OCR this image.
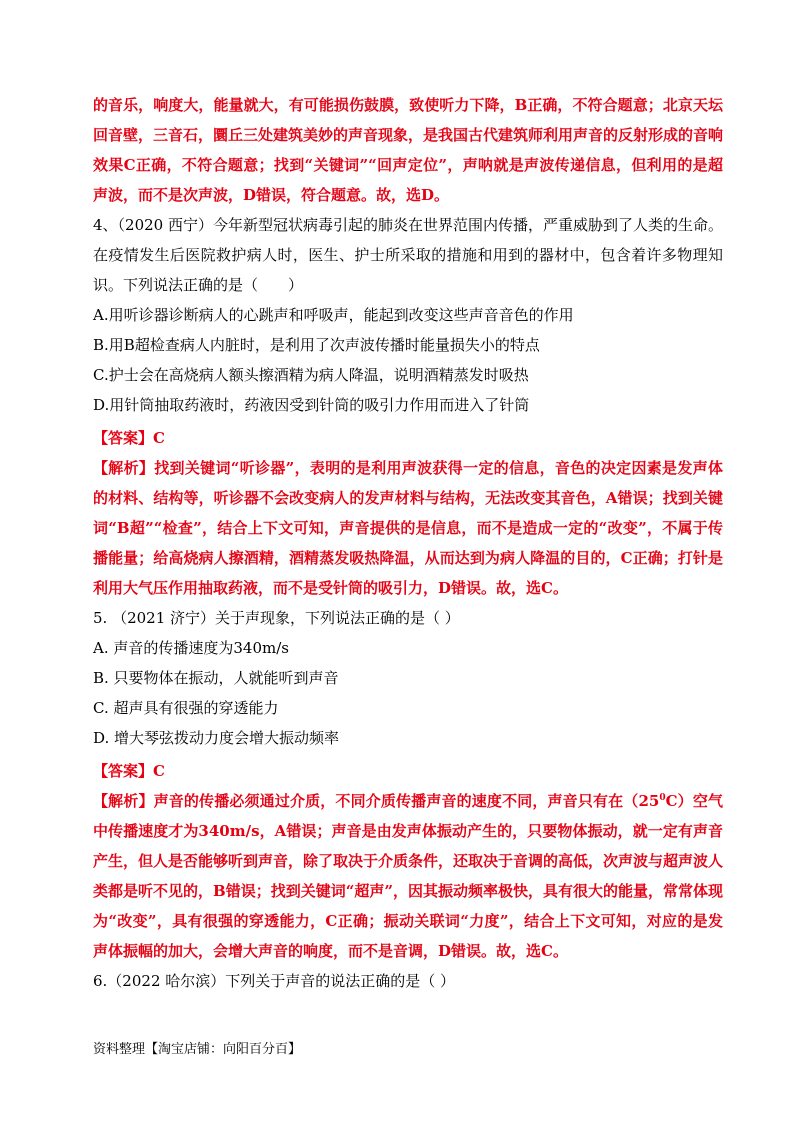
的音乐，响度大，能量就大，有可能损伤鼓膜，致使听力下降，B正确，不符合题意；北京天坛回音壁，三音石，圜丘三处建筑美妙的声音现象，是我国古代建筑师利用声音的反射形成的音响效果C正确，不符合题意；找到“关键词”“回声定位”，声呐就是声波传递信息，但利用的是超声波，而不是次声波，D错误，符合题意。故，选D。

4、（2020 西宁）今年新型冠状病毒引起的肺炎在世界范围内传播，严重威胁到了人类的生命。在疫情发生后医院救护病人时，医生、护士所采取的措施和用到的器材中，包含着许多物理知识。下列说法正确的是（　　）

A.用听诊器诊断病人的心跳声和呼吸声，能起到改变这些声音音色的作用

B.用B超检查病人内脏时，是利用了次声波传播时能量损失小的特点

C.护士会在高烧病人额头擦酒精为病人降温，说明酒精蒸发时吸热

D.用针筒抽取药液时，药液因受到针筒的吸引力作用而进入了针筒

【答案】C

【解析】找到关键词“听诊器”，表明的是利用声波获得一定的信息，音色的决定因素是发声体的材料、结构等，听诊器不会改变病人的发声材料与结构，无法改变其音色，A错误；找到关键词“B超”“检查”，结合上下文可知，声音提供的是信息，而不是造成一定的“改变”，不属于传播能量；给高烧病人擦酒精，酒精蒸发吸热降温，从而达到为病人降温的目的，C正确；打针是利用大气压作用抽取药液，而不是受针筒的吸引力，D错误。故，选C。

5. （2021 济宁）关于声现象，下列说法正确的是（ ）

A. 声音的传播速度为340m/s

B. 只要物体在振动，人就能听到声音

C. 超声具有很强的穿透能力

D. 增大琴弦拨动力度会增大振动频率

【答案】C

【解析】声音的传播必须通过介质，不同介质传播声音的速度不同，声音只有在$(25^0C)$空气中传播速度才为340m/s，A错误；声音是由发声体振动产生的，只要物体振动，就一定有声音产生，但人是否能够听到声音，除了取决于介质条件，还取决于音调的高低，次声波与超声波人类都是听不见的，B错误；找到关键词“超声”，因其振动频率极快，具有很大的能量，常常体现为“改变”，具有很强的穿透能力，C正确；振动关联词“力度”，结合上下文可知，对应的是发声体振幅的加大，会增大声音的响度，而不是音调，D错误。故，选C。

6.（2022 哈尔滨）下列关于声音的说法正确的是（ ）

资料整理【淘宝店铺：向阳百分百】
